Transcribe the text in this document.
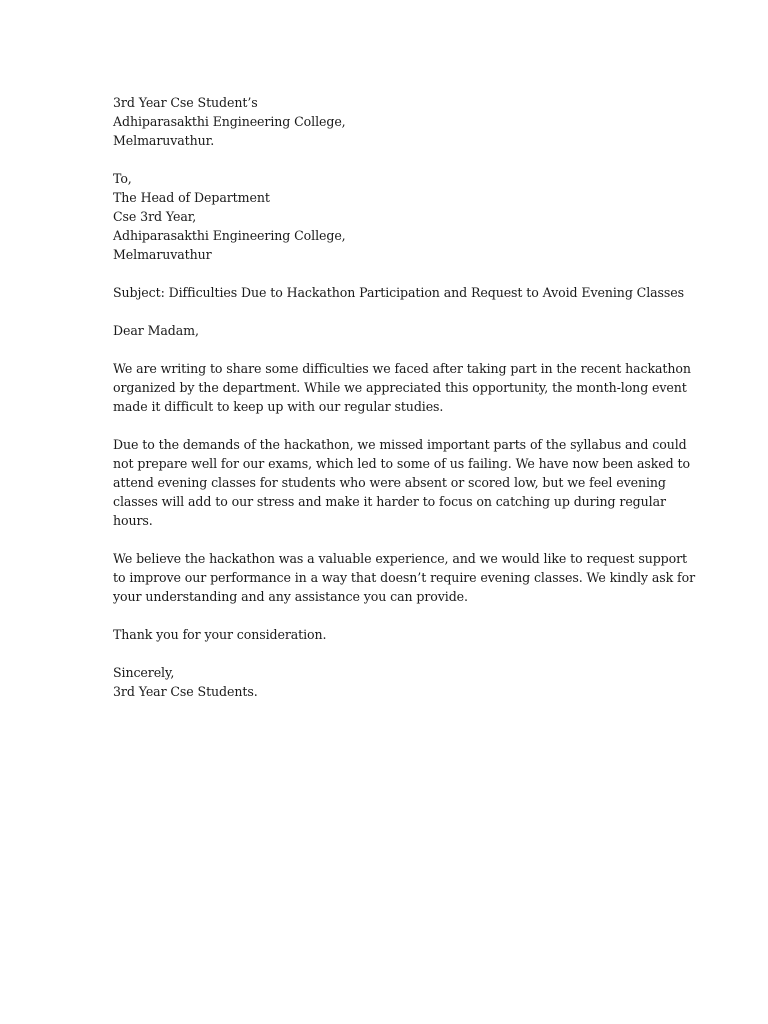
3rd Year Cse Student’s
Adhiparasakthi Engineering College,
Melmaruvathur.
To,
The Head of Department
Cse 3rd Year,
Adhiparasakthi Engineering College,
Melmaruvathur
Subject: Difficulties Due to Hackathon Participation and Request to Avoid Evening Classes
Dear Madam,
We are writing to share some difficulties we faced after taking part in the recent hackathon
organized by the department. While we appreciated this opportunity, the month-long event
made it difficult to keep up with our regular studies.
Due to the demands of the hackathon, we missed important parts of the syllabus and could
not prepare well for our exams, which led to some of us failing. We have now been asked to
attend evening classes for students who were absent or scored low, but we feel evening
classes will add to our stress and make it harder to focus on catching up during regular
hours.
We believe the hackathon was a valuable experience, and we would like to request support
to improve our performance in a way that doesn’t require evening classes. We kindly ask for
your understanding and any assistance you can provide.
Thank you for your consideration.
Sincerely,
3rd Year Cse Students.
